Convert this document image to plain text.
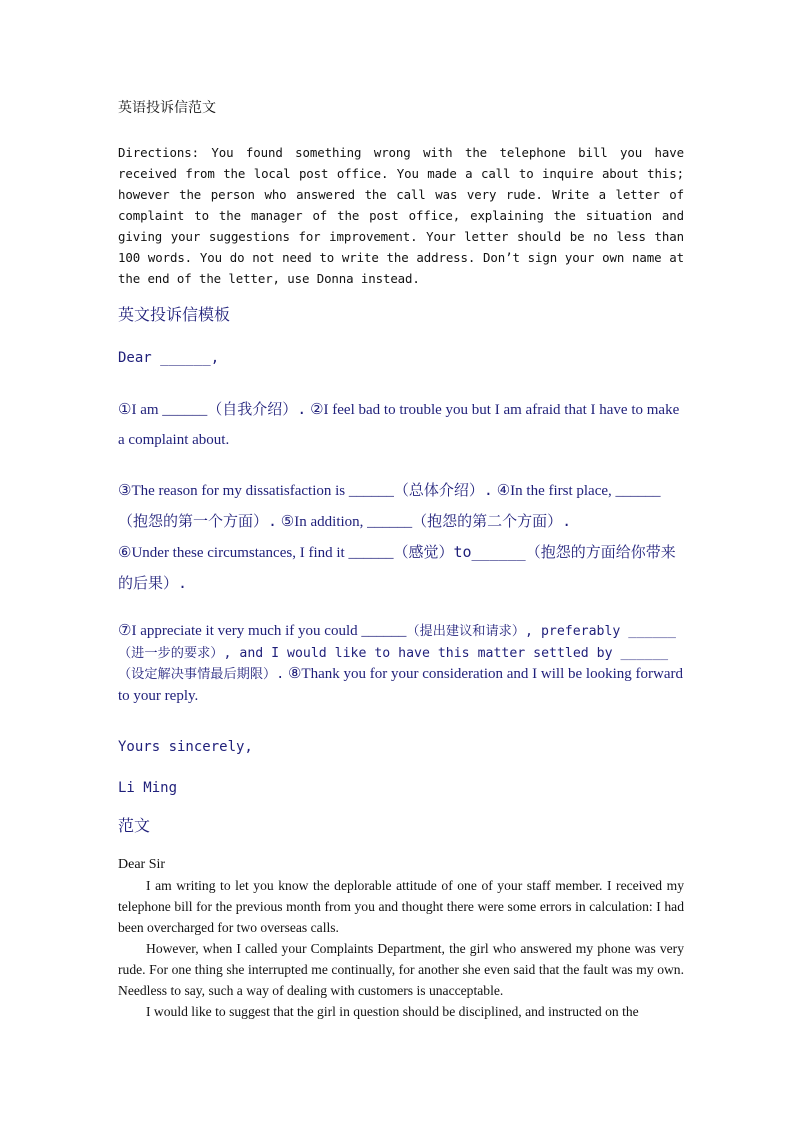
英语投诉信范文

Directions: You found something wrong with the telephone bill you have received from the local post office. You made a call to inquire about this; however the person who answered the call was very rude. Write a letter of complaint to the manager of the post office, explaining the situation and giving your suggestions for improvement. Your letter should be no less than 100 words. You do not need to write the address. Don’t sign your own name at the end of the letter, use Donna instead.

英文投诉信模板

Dear ______,

①I am ______（自我介绍）. ②I feel bad to trouble you but I am afraid that I have to make a complaint about.

③The reason for my dissatisfaction is ______（总体介绍）. ④In the first place, ______（抱怨的第一个方面）. ⑤In addition, ______（抱怨的第二个方面）.

⑥Under these circumstances, I find it ______（感觉）to______（抱怨的方面给你带来的后果）.

⑦I appreciate it very much if you could ______（提出建议和请求）, preferably ______（进一步的要求）, and I would like to have this matter settled by ______（设定解决事情最后期限）. ⑧Thank you for your consideration and I will be looking forward to your reply.

Yours sincerely,

Li Ming

范文

Dear Sir

I am writing to let you know the deplorable attitude of one of your staff member. I received my telephone bill for the previous month from you and thought there were some errors in calculation: I had been overcharged for two overseas calls.

However, when I called your Complaints Department, the girl who answered my phone was very rude. For one thing she interrupted me continually, for another she even said that the fault was my own. Needless to say, such a way of dealing with customers is unacceptable.

I would like to suggest that the girl in question should be disciplined, and instructed on the
